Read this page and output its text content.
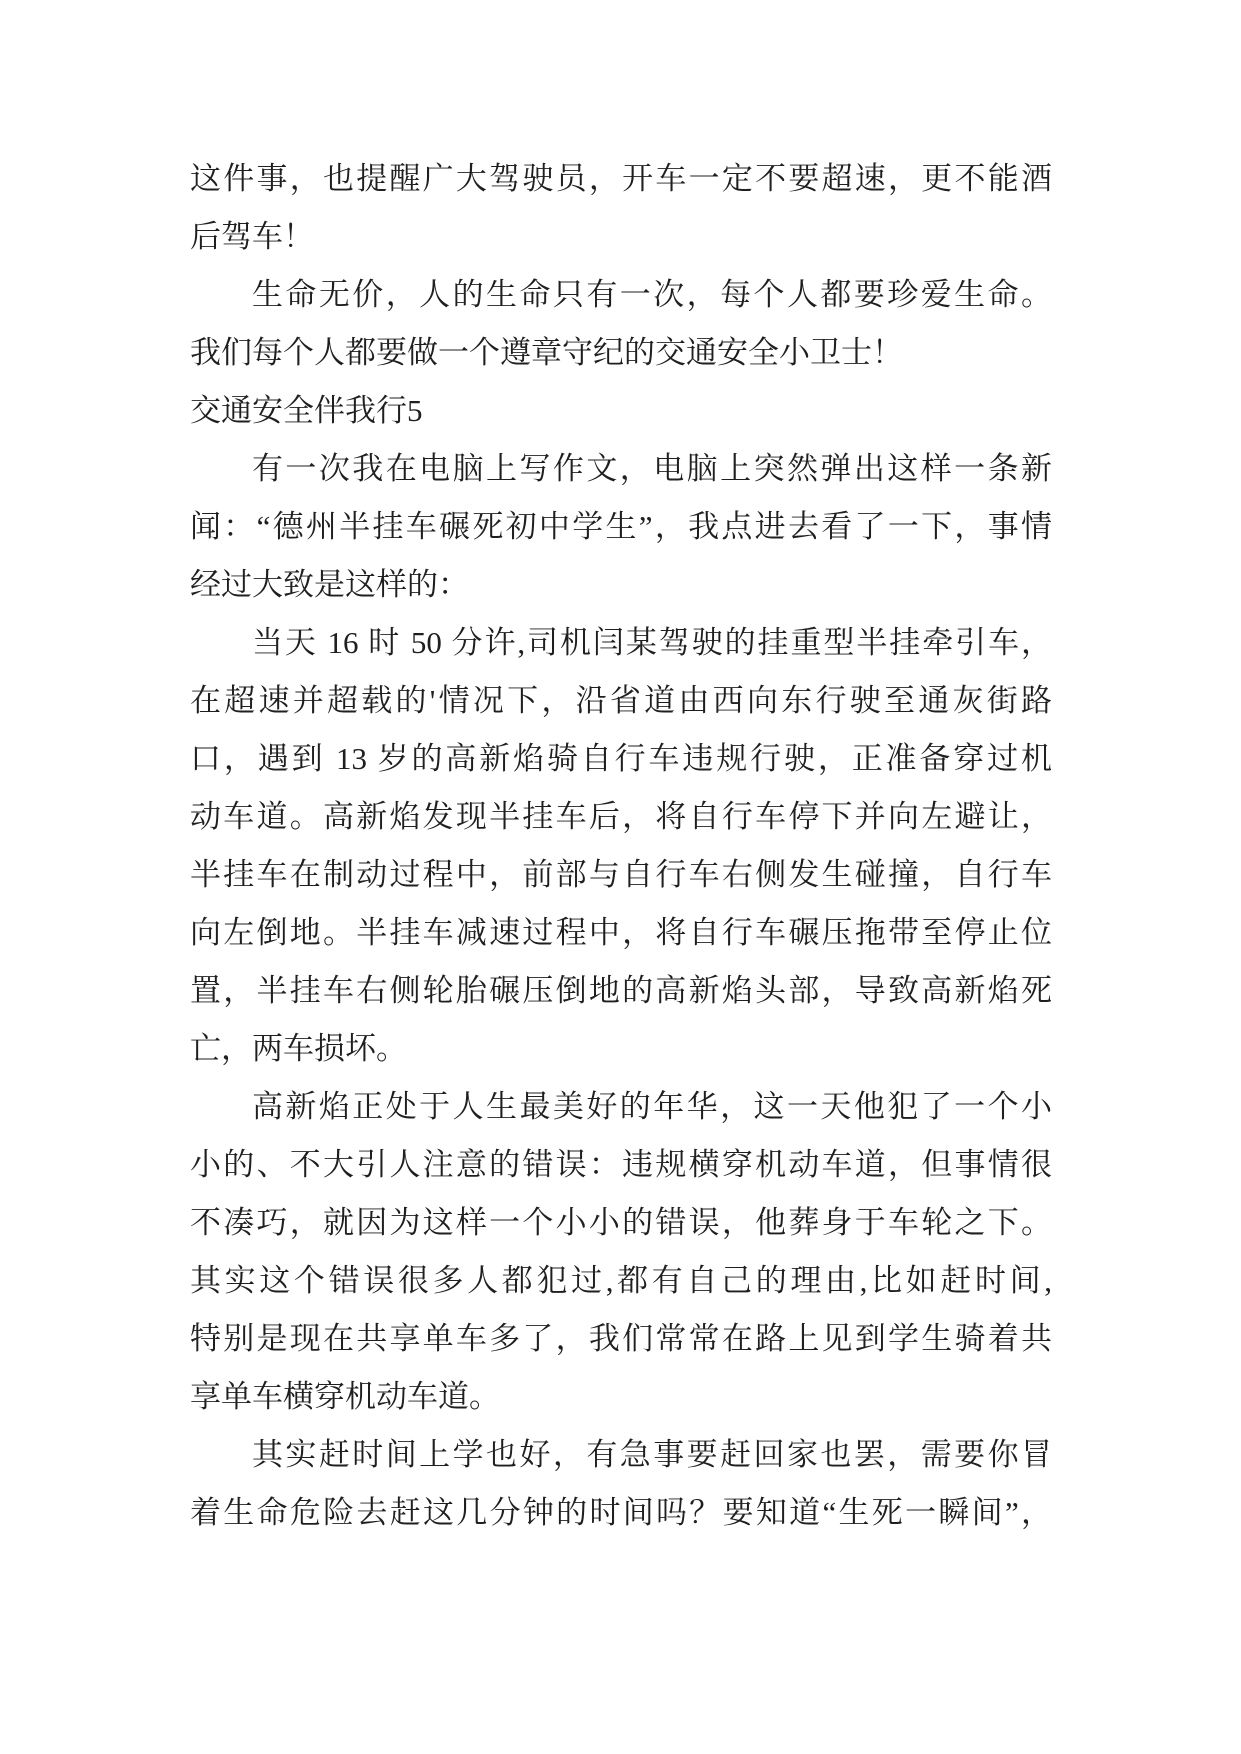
这件事，也提醒广大驾驶员，开车一定不要超速，更不能酒
后驾车！
生命无价，人的生命只有一次，每个人都要珍爱生命。
我们每个人都要做一个遵章守纪的交通安全小卫士！
交通安全伴我行5
有一次我在电脑上写作文，电脑上突然弹出这样一条新
闻：“德州半挂车碾死初中学生”，我点进去看了一下，事情
经过大致是这样的：
当天 16 时 50 分许,司机闫某驾驶的挂重型半挂牵引车，
在超速并超载的'情况下，沿省道由西向东行驶至通灰街路
口，遇到 13 岁的高新焰骑自行车违规行驶，正准备穿过机
动车道。高新焰发现半挂车后，将自行车停下并向左避让，
半挂车在制动过程中，前部与自行车右侧发生碰撞，自行车
向左倒地。半挂车减速过程中，将自行车碾压拖带至停止位
置，半挂车右侧轮胎碾压倒地的高新焰头部，导致高新焰死
亡，两车损坏。
高新焰正处于人生最美好的年华，这一天他犯了一个小
小的、不大引人注意的错误：违规横穿机动车道，但事情很
不凑巧，就因为这样一个小小的错误，他葬身于车轮之下。
其实这个错误很多人都犯过,都有自己的理由,比如赶时间,
特别是现在共享单车多了，我们常常在路上见到学生骑着共
享单车横穿机动车道。
其实赶时间上学也好，有急事要赶回家也罢，需要你冒
着生命危险去赶这几分钟的时间吗？要知道“生死一瞬间”，
